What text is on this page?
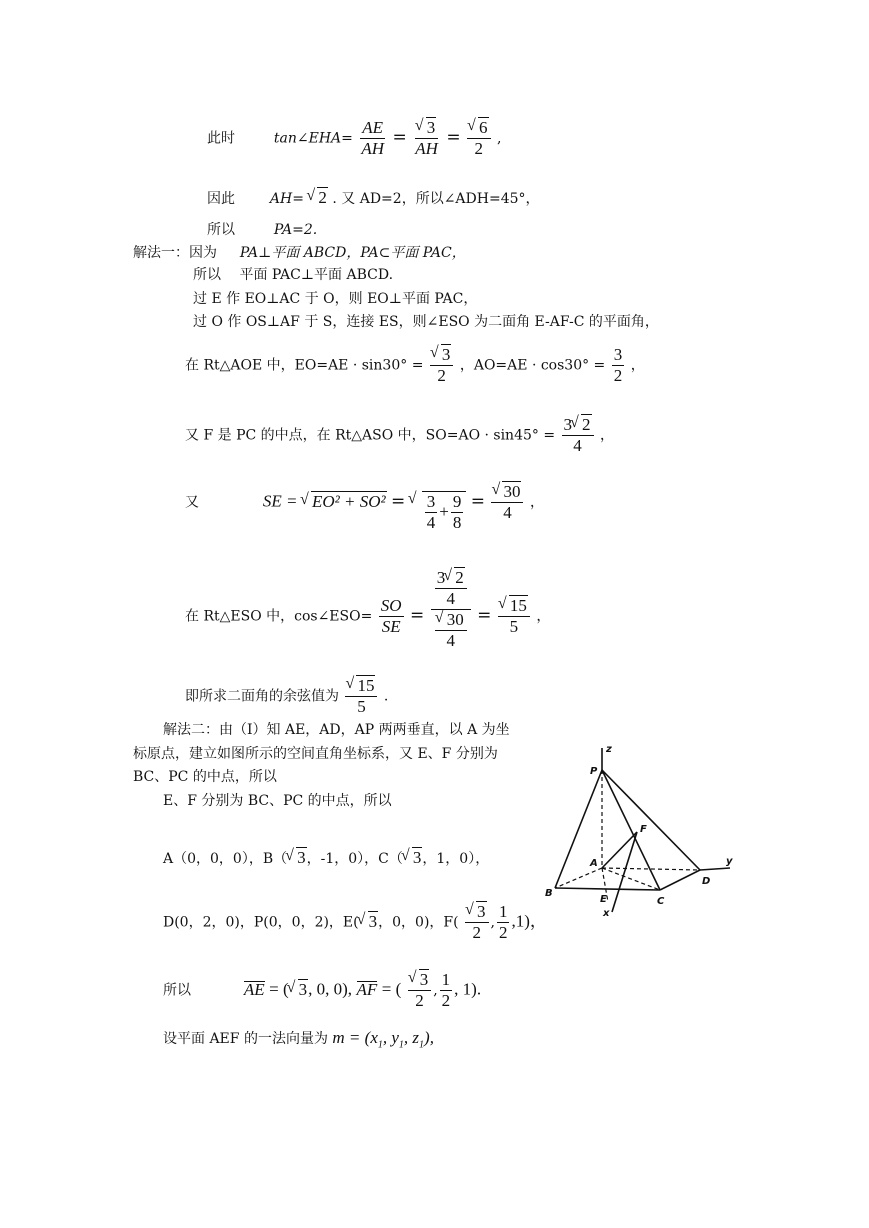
此时	tan∠EHA= $\frac{AE}{AH}$ = √ $\frac{3}{AH}$ = √ $\frac{6}{2}$ ,
因此 AH= √ 2 . 又 AD=2，所以∠ADH=45°，
所以	PA=2.
解法一：因为 PA⊥平面 ABCD，PA⊂平面 PAC，
所以　 平面 PAC⊥平面 ABCD.
过 E 作 EO⊥AC 于 O，则 EO⊥平面 PAC，
过 O 作 OS⊥AF 于 S，连接 ES，则∠ESO 为二面角 E-AF-C 的平面角，
在 Rt△AOE 中，EO=AE · sin30° = √ $\frac{3}{2}$ ，$AO=AE \cdot \cos 30^\circ = \frac{3}{2}$ ，
又 F 是 PC 的中点，在 Rt△ASO 中，$SO=AO \cdot \sin 45^\circ = \frac{3 √ 2}{4}$ ，
又	SE = √ EO² + SO² = √ $\frac{3}{4} + \frac{9}{8}$ = √ $\frac{30}{4}$ ，
在 Rt△ESO 中，cos∠ESO= $\frac{SO}{SE} = \frac{3 √ 2}{4}$
√ $\frac{30}{4}$ = √ $\frac{15}{5}$ ，
即所求二面角的余弦值为 √ $\frac{15}{5}$ .
解法二：由（Ⅰ）知 AE，AD，AP 两两垂直，以 A 为坐
标原点，建立如图所示的空间直角坐标系，又 E、F 分别为
BC、PC 的中点，所以
E、F 分别为 BC、PC 的中点，所以
A（0，0，0），B（ √ 3，-1，0），C（ √ 3，1，0），
D(0，2，0)，P(0，0，2)，E( √ 3，0，0)，F( √ $\frac{3}{2}$ , $\frac{1}{2} ,1$)，
所以	AE = ( √ 3, 0, 0), AF = ( √ $\frac{3}{2}$ , $\frac{1}{2}$ , 1).
设平面 AEF 的一法向量为 $m = (x_1$, $y_1$, $z_1$),
z
P
F
A	y
B
D
E	C
x
